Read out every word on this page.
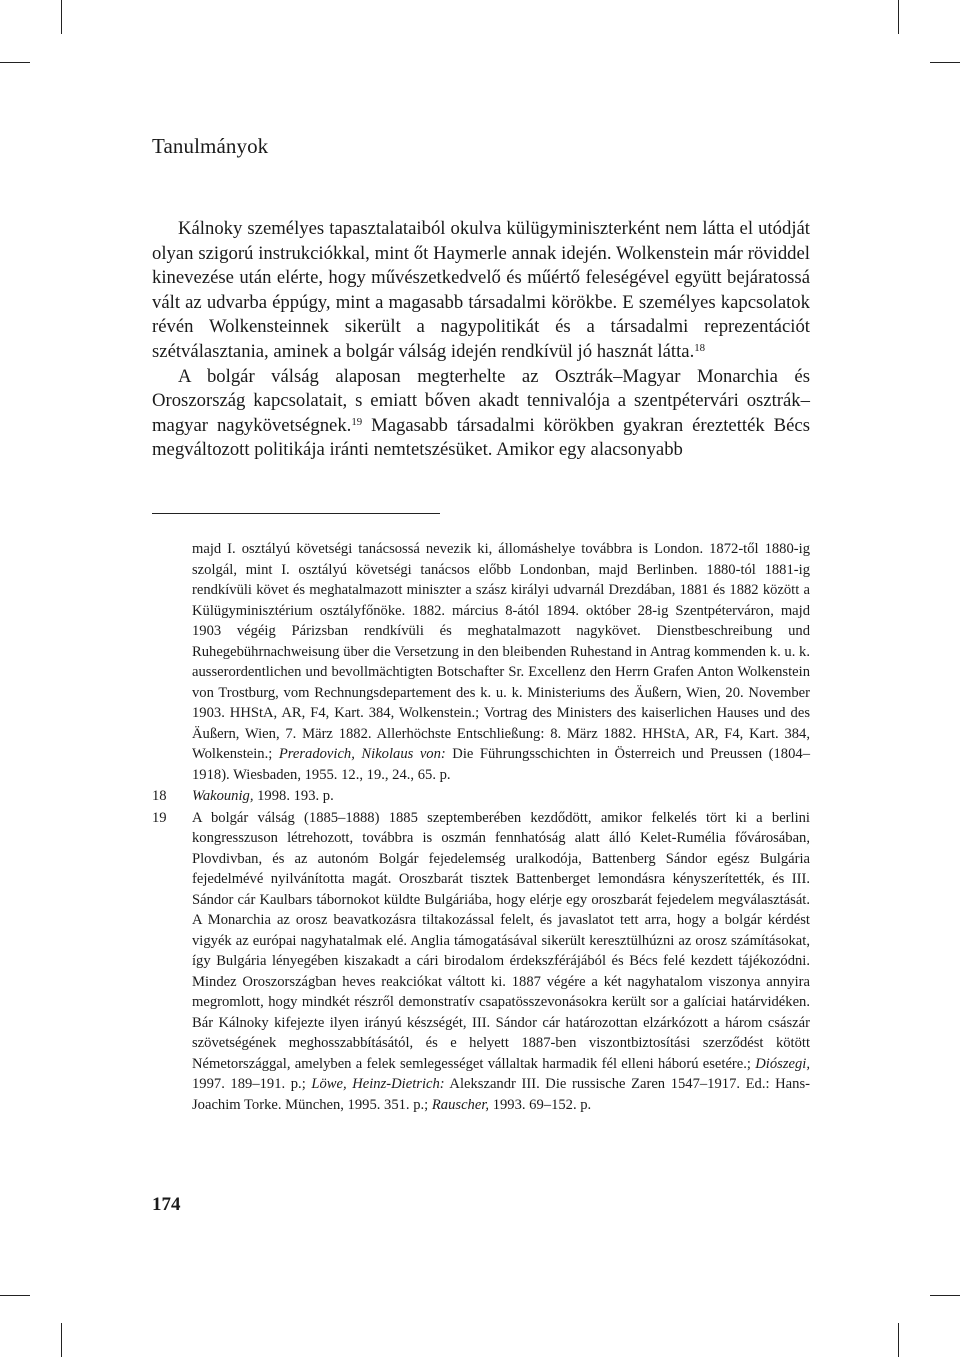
Tanulmányok

Kálnoky személyes tapasztalataiból okulva külügyminiszterként nem látta el utódját olyan szigorú instrukciókkal, mint őt Haymerle annak idején. Wolkenstein már röviddel kinevezése után elérte, hogy művészetkedvelő és műértő feleségével együtt bejáratossá vált az udvarba éppúgy, mint a magasabb társadalmi körökbe. E személyes kapcsolatok révén Wolkensteinnek sikerült a nagypolitikát és a társadalmi reprezentációt szétválasztania, aminek a bolgár válság idején rendkívül jó hasznát látta.$^{18}$

A bolgár válság alaposan megterhelte az Osztrák–Magyar Monarchia és Oroszország kapcsolatait, s emiatt bőven akadt tennivalója a szentpétervári osztrák–magyar nagykövetségnek.$^{19}$ Magasabb társadalmi körökben gyakran éreztették Bécs megváltozott politikája iránti nemtetszésüket. Amikor egy alacsonyabb

majd I. osztályú követségi tanácsossá nevezik ki, állomáshelye továbbra is London. 1872-től 1880-ig szolgál, mint I. osztályú követségi tanácsos előbb Londonban, majd Berlinben. 1880-tól 1881-ig rendkívüli követ és meghatalmazott miniszter a szász királyi udvarnál Drezdában, 1881 és 1882 között a Külügyminisztérium osztályfőnöke. 1882. március 8-ától 1894. október 28-ig Szentpéterváron, majd 1903 végéig Párizsban rendkívüli és meghatalmazott nagykövet. Dienstbeschreibung und Ruhegebührnachweisung über die Versetzung in den bleibenden Ruhestand in Antrag kommenden k. u. k. ausserordentlichen und bevollmächtigten Botschafter Sr. Excellenz den Herrn Grafen Anton Wolkenstein von Trostburg, vom Rechnungsdepartement des k. u. k. Ministeriums des Äußern, Wien, 20. November 1903. HHStA, AR, F4, Kart. 384, Wolkenstein.; Vortrag des Ministers des kaiserlichen Hauses und des Äußern, Wien, 7. März 1882. Allerhöchste Entschließung: 8. März 1882. HHStA, AR, F4, Kart. 384, Wolkenstein.; Preradovich, Nikolaus von: Die Führungsschichten in Österreich und Preussen (1804–1918). Wiesbaden, 1955. 12., 19., 24., 65. p.
18	Wakounig, 1998. 193. p.
19	A bolgár válság (1885–1888) 1885 szeptemberében kezdődött, amikor felkelés tört ki a berlini kongresszuson létrehozott, továbbra is oszmán fennhatóság alatt álló Kelet-Rumélia fővárosában, Plovdivban, és az autonóm Bolgár fejedelemség uralkodója, Battenberg Sándor egész Bulgária fejedelmévé nyilvánította magát. Oroszbarát tisztek Battenberget lemondásra kényszerítették, és III. Sándor cár Kaulbars tábornokot küldte Bulgáriába, hogy elérje egy oroszbarát fejedelem megválasztását. A Monarchia az orosz beavatkozásra tiltakozással felelt, és javaslatot tett arra, hogy a bolgár kérdést vigyék az európai nagyhatalmak elé. Anglia támogatásával sikerült keresztülhúzni az orosz számításokat, így Bulgária lényegében kiszakadt a cári birodalom érdekszférájából és Bécs felé kezdett tájékozódni. Mindez Oroszországban heves reakciókat váltott ki. 1887 végére a két nagyhatalom viszonya annyira megromlott, hogy mindkét részről demonstratív csapatösszevonásokra került sor a galíciai határvidéken. Bár Kálnoky kifejezte ilyen irányú készségét, III. Sándor cár határozottan elzárkózott a három császár szövetségének meghosszabbításától, és e helyett 1887-ben viszontbiztosítási szerződést kötött Németországgal, amelyben a felek semlegességet vállaltak harmadik fél elleni háború esetére.; Diószegi, 1997. 189–191. p.; Löwe, Heinz-Dietrich: Alekszandr III. Die russische Zaren 1547–1917. Ed.: Hans-Joachim Torke. München, 1995. 351. p.; Rauscher, 1993. 69–152. p.
174
